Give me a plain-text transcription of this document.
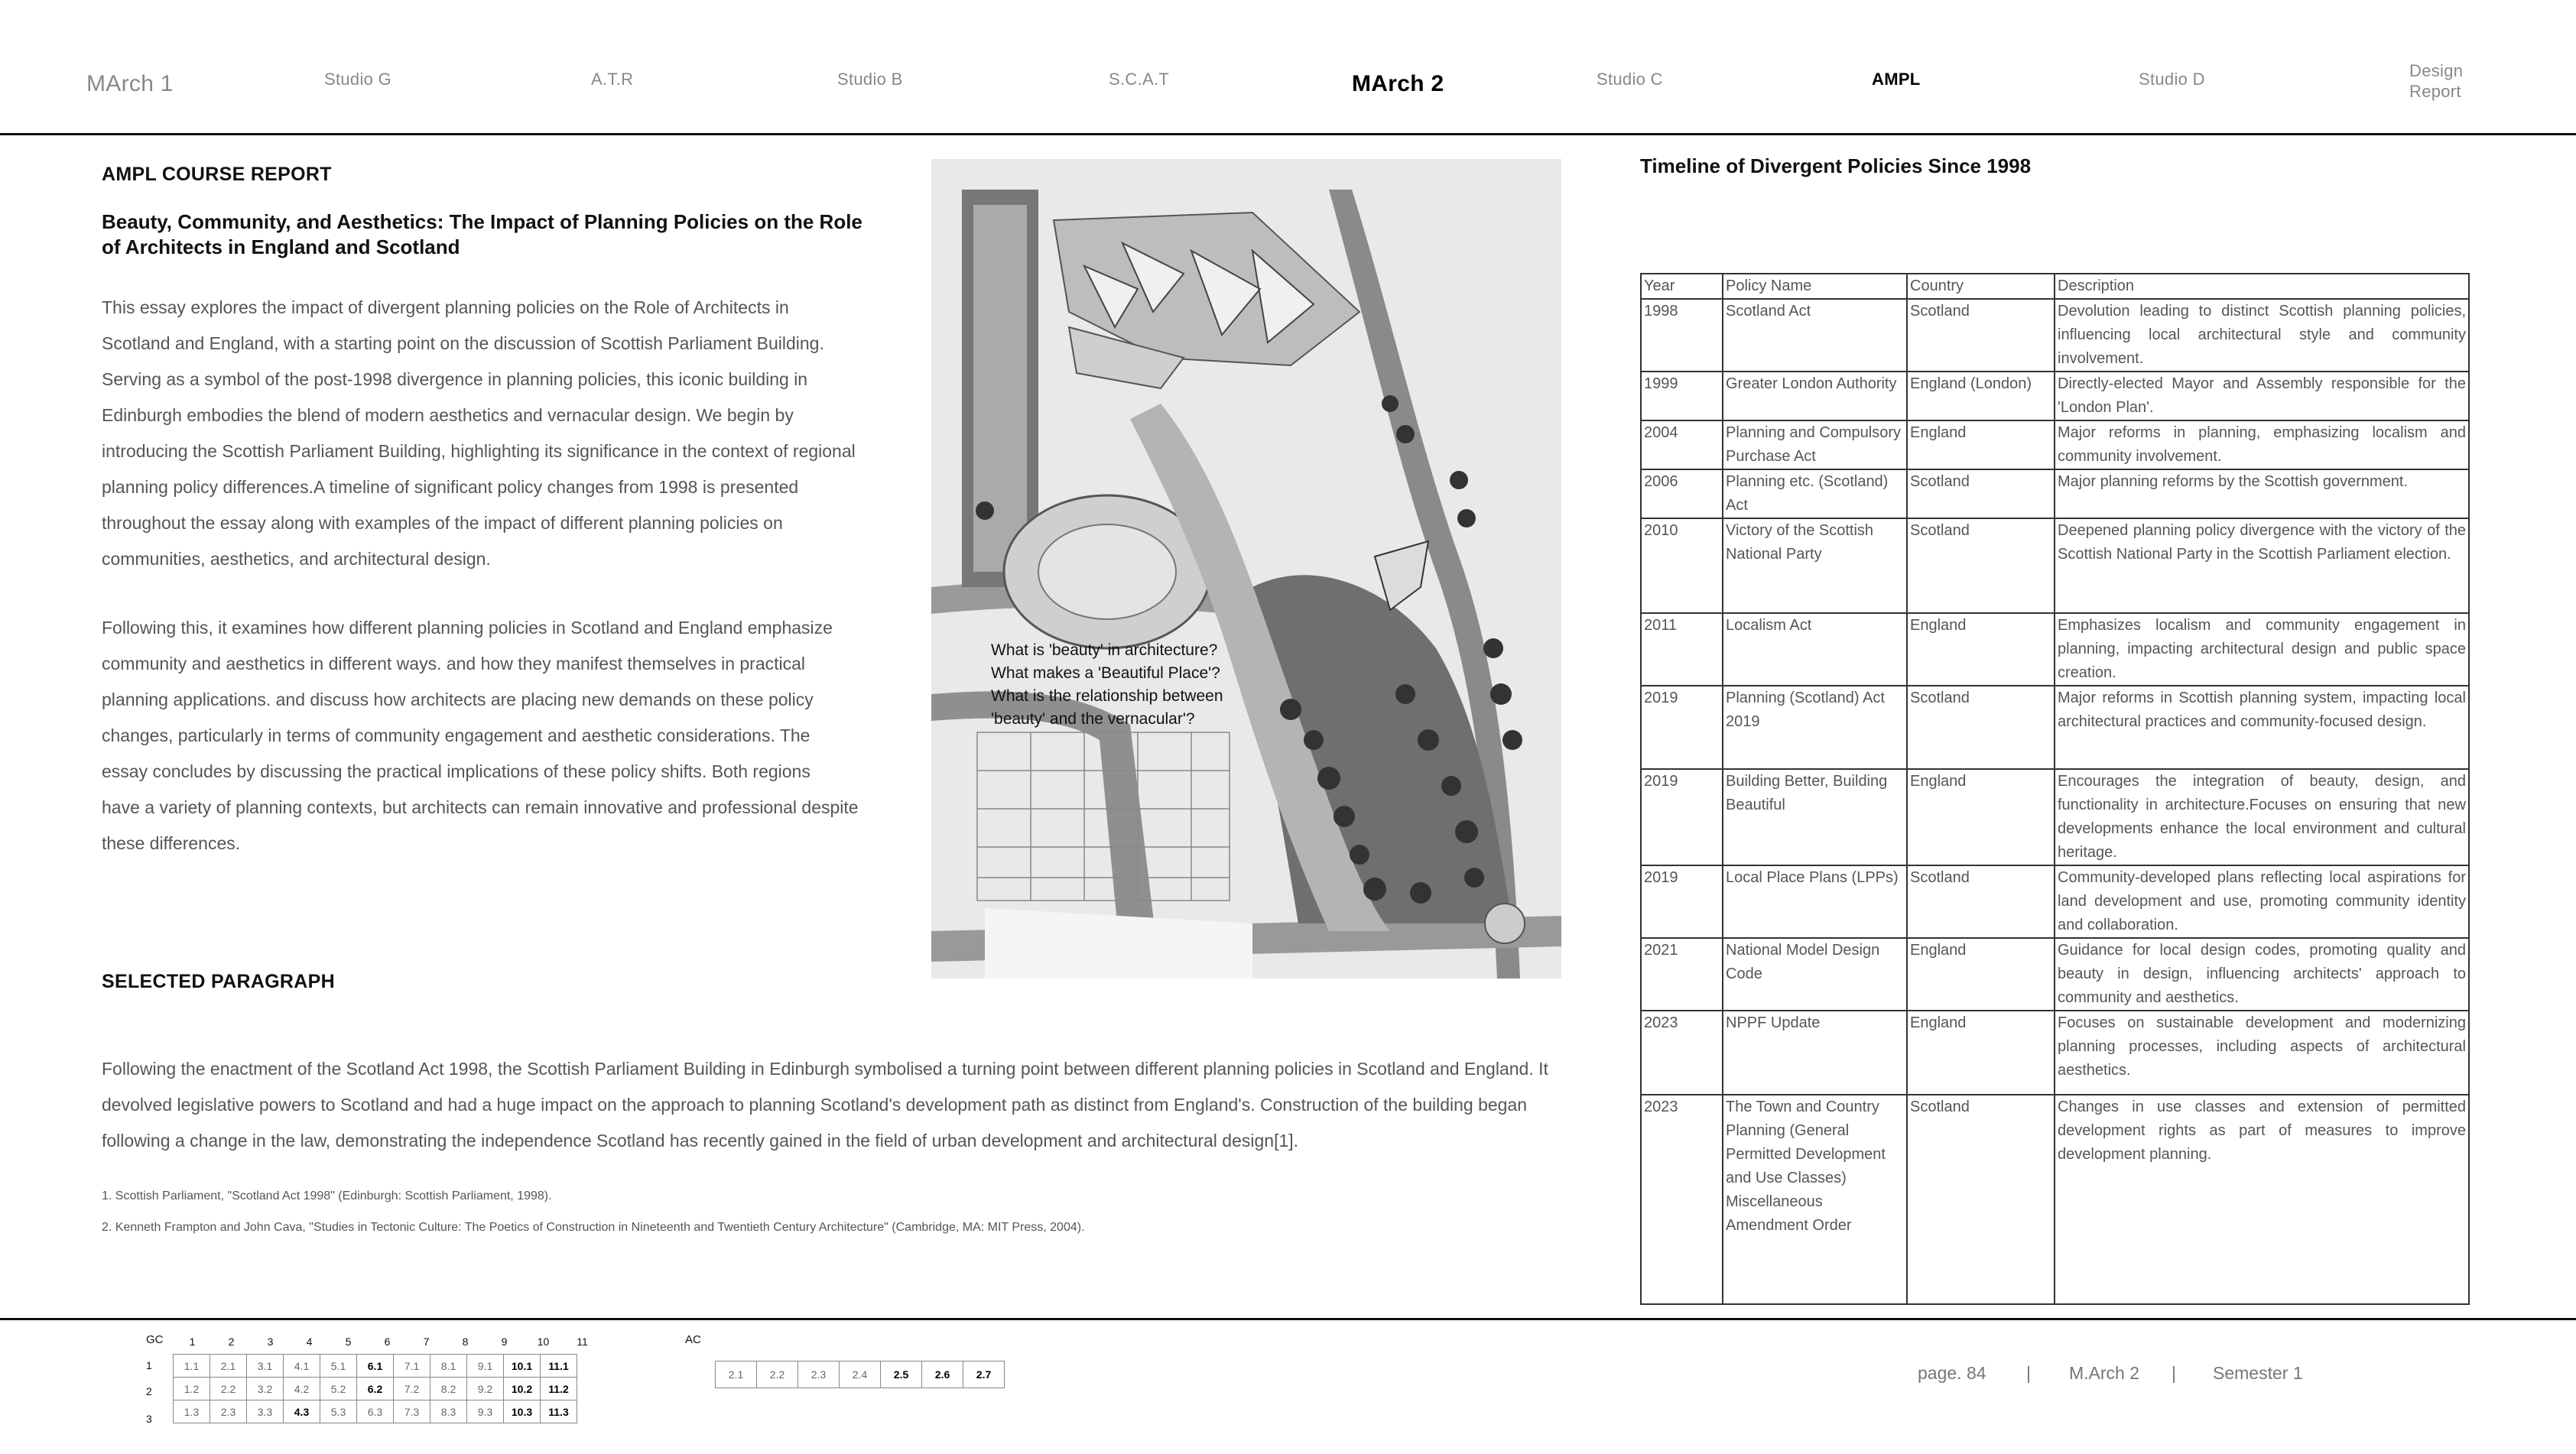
MArch 1	Studio G	A.T.R	Studio B	S.C.A.T	MArch 2	Studio C	AMPL	Studio D	Design
Report
AMPL COURSE REPORT
Beauty, Community, and Aesthetics: The Impact of Planning Policies on the Role
of Architects in England and Scotland
This essay explores the impact of divergent planning policies on the Role of Architects in
Scotland and England, with a starting point on the discussion of Scottish Parliament Building.
Serving as a symbol of the post-1998 divergence in planning policies, this iconic building in
Edinburgh embodies the blend of modern aesthetics and vernacular design. We begin by
introducing the Scottish Parliament Building, highlighting its significance in the context of regional
planning policy differences.A timeline of significant policy changes from 1998 is presented
throughout the essay along with examples of the impact of different planning policies on
communities, aesthetics, and architectural design.
Following this, it examines how different planning policies in Scotland and England emphasize
community and aesthetics in different ways. and how they manifest themselves in practical
planning applications. and discuss how architects are placing new demands on these policy
changes, particularly in terms of community engagement and aesthetic considerations. The
essay concludes by discussing the practical implications of these policy shifts. Both regions
have a variety of planning contexts, but architects can remain innovative and professional despite
these differences.
SELECTED PARAGRAPH
Following the enactment of the Scotland Act 1998, the Scottish Parliament Building in Edinburgh symbolised a turning point between different planning policies in Scotland and England. It
devolved legislative powers to Scotland and had a huge impact on the approach to planning Scotland's development path as distinct from England's. Construction of the building began
following a change in the law, demonstrating the independence Scotland has recently gained in the field of urban development and architectural design[1].
1. Scottish Parliament, "Scotland Act 1998" (Edinburgh: Scottish Parliament, 1998).
2. Kenneth Frampton and John Cava, "Studies in Tectonic Culture: The Poetics of Construction in Nineteenth and Twentieth Century Architecture" (Cambridge, MA: MIT Press, 2004).
What is 'beauty' in architecture?
What makes a 'Beautiful Place'?
What is the relationship between
'beauty' and the vernacular'?
Timeline of Divergent Policies Since 1998
Year	Policy Name	Country	Description
1998	Scotland Act	Scotland	Devolution leading to distinct Scottish planning policies, influencing local architectural style and community involvement.
1999	Greater London Authority	England (London)	Directly-elected Mayor and Assembly responsible for the 'London Plan'.
2004	Planning and Compulsory Purchase Act	England	Major reforms in planning, emphasizing localism and community involvement.
2006	Planning etc. (Scotland) Act	Scotland	Major planning reforms by the Scottish government.
2010	Victory of the Scottish National Party	Scotland	Deepened planning policy divergence with the victory of the Scottish National Party in the Scottish Parliament election.
2011	Localism Act	England	Emphasizes localism and community engagement in planning, impacting architectural design and public space creation.
2019	Planning (Scotland) Act 2019	Scotland	Major reforms in Scottish planning system, impacting local architectural practices and community-focused design.
2019	Building Better, Building Beautiful	England	Encourages the integration of beauty, design, and functionality in architecture.Focuses on ensuring that new developments enhance the local environment and cultural heritage.
2019	Local Place Plans (LPPs)	Scotland	Community-developed plans reflecting local aspirations for land development and use, promoting community identity and collaboration.
2021	National Model Design Code	England	Guidance for local design codes, promoting quality and beauty in design, influencing architects' approach to community and aesthetics.
2023	NPPF Update	England	Focuses on sustainable development and modernizing planning processes, including aspects of architectural aesthetics.
2023	The Town and Country Planning (General Permitted Development and Use Classes) Miscellaneous Amendment Order	Scotland	Changes in use classes and extension of permitted development rights as part of measures to improve development planning.
GC	1	2	3	4	5	6	7	8	9	10	11
1
2
3
1.1	2.1	3.1	4.1	5.1	6.1	7.1	8.1	9.1	10.1	11.1
1.2	2.2	3.2	4.2	5.2	6.2	7.2	8.2	9.2	10.2	11.2
1.3	2.3	3.3	4.3	5.3	6.3	7.3	8.3	9.3	10.3	11.3
AC
2.1	2.2	2.3	2.4	2.5	2.6	2.7	page. 84 | M.Arch 2 | Semester 1
